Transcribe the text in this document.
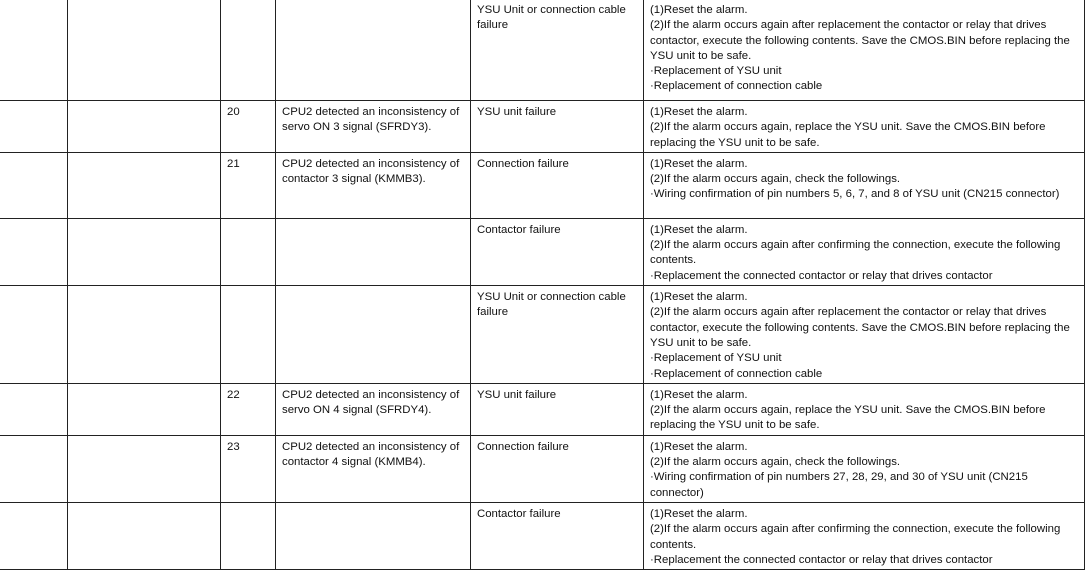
				YSU Unit or connection cable failure	(1)Reset the alarm.
(2)If the alarm occurs again after replacement the contactor or relay that drives contactor, execute the following contents. Save the CMOS.BIN before replacing the YSU unit to be safe.
·Replacement of YSU unit
·Replacement of connection cable

		20	CPU2 detected an inconsistency of servo ON 3 signal (SFRDY3).	YSU unit failure	(1)Reset the alarm.
(2)If the alarm occurs again, replace the YSU unit. Save the CMOS.BIN before replacing the YSU unit to be safe.

		21	CPU2 detected an inconsistency of contactor 3 signal (KMMB3).	Connection failure	(1)Reset the alarm.
(2)If the alarm occurs again, check the followings.
·Wiring confirmation of pin numbers 5, 6, 7, and 8 of YSU unit (CN215 connector)

				Contactor failure	(1)Reset the alarm.
(2)If the alarm occurs again after confirming the connection, execute the following contents.
·Replacement the connected contactor or relay that drives contactor

				YSU Unit or connection cable failure	(1)Reset the alarm.
(2)If the alarm occurs again after replacement the contactor or relay that drives contactor, execute the following contents. Save the CMOS.BIN before replacing the YSU unit to be safe.
·Replacement of YSU unit
·Replacement of connection cable

		22	CPU2 detected an inconsistency of servo ON 4 signal (SFRDY4).	YSU unit failure	(1)Reset the alarm.
(2)If the alarm occurs again, replace the YSU unit. Save the CMOS.BIN before replacing the YSU unit to be safe.

		23	CPU2 detected an inconsistency of contactor 4 signal (KMMB4).	Connection failure	(1)Reset the alarm.
(2)If the alarm occurs again, check the followings.
·Wiring confirmation of pin numbers 27, 28, 29, and 30 of YSU unit (CN215 connector)

				Contactor failure	(1)Reset the alarm.
(2)If the alarm occurs again after confirming the connection, execute the following contents.
·Replacement the connected contactor or relay that drives contactor
